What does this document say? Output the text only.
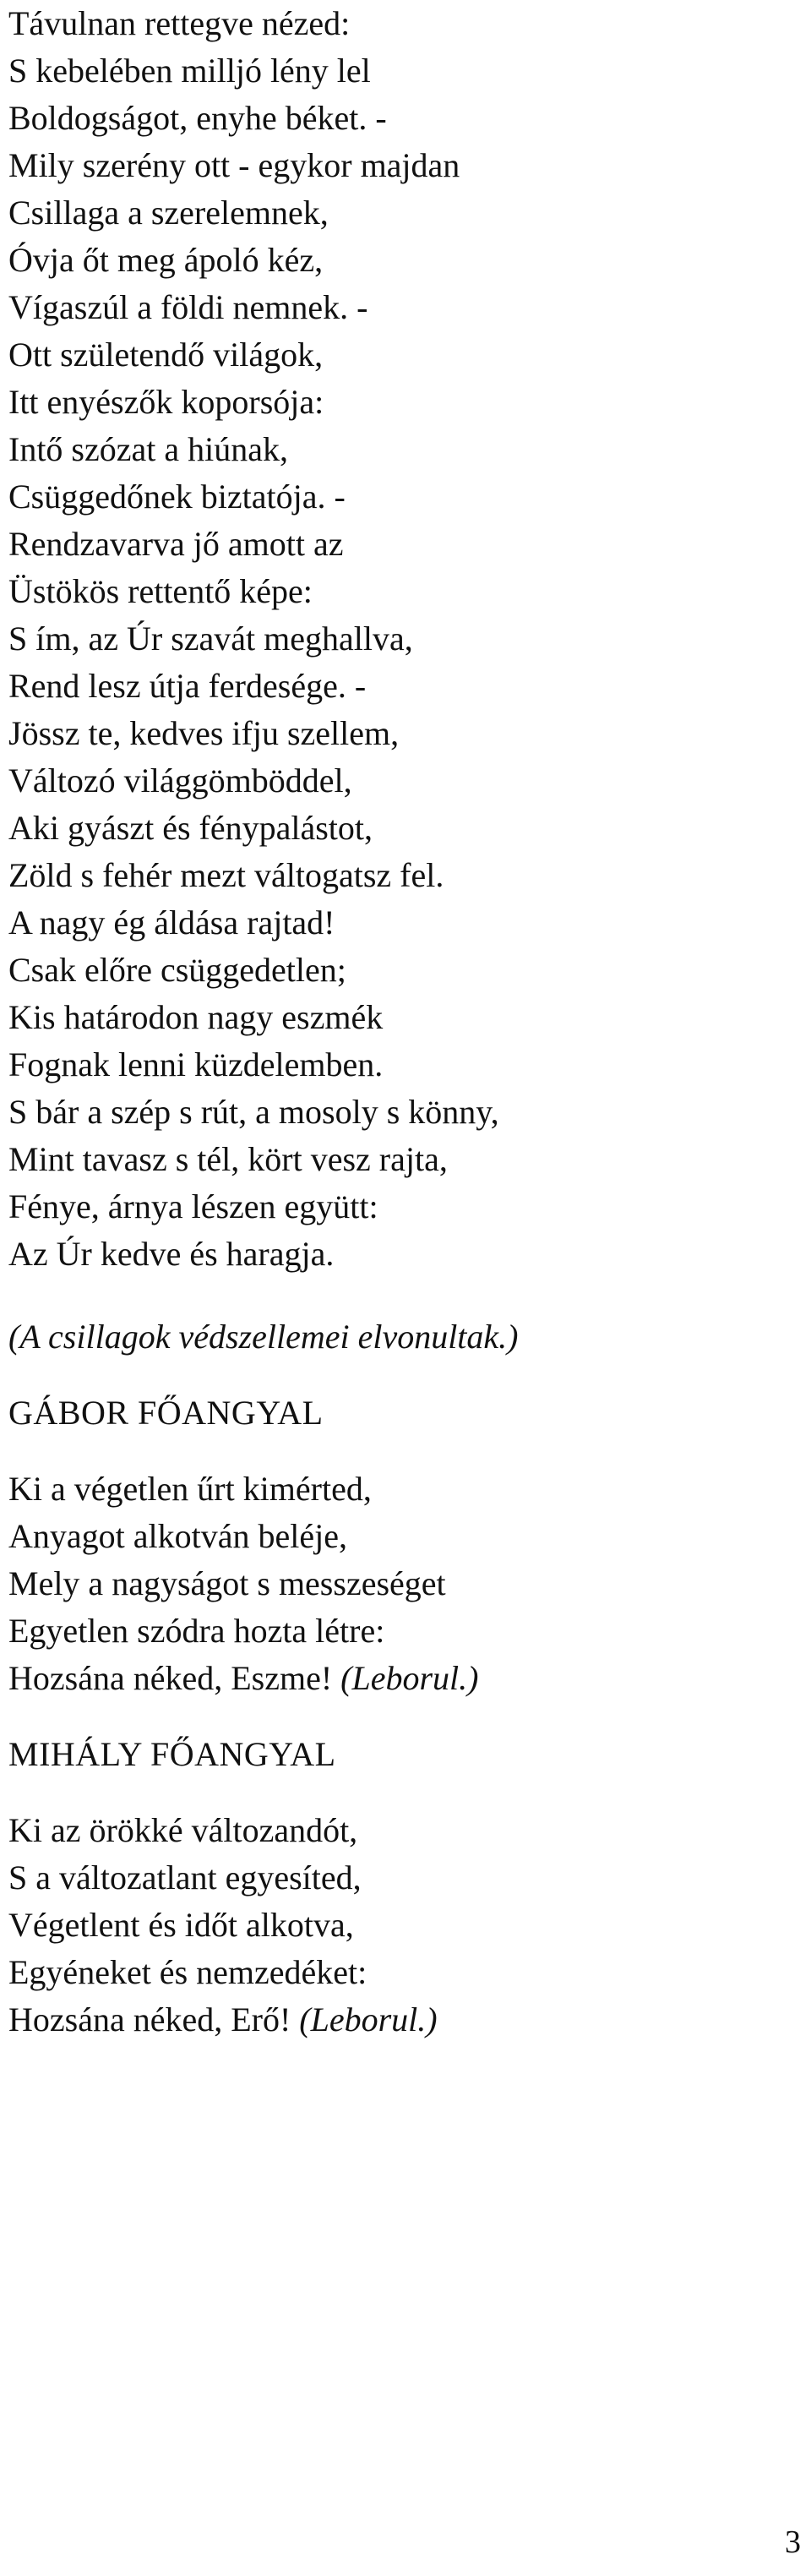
Távulnan rettegve nézed:
S kebelében milljó lény lel
Boldogságot, enyhe béket. -
Mily szerény ott - egykor majdan
Csillaga a szerelemnek,
Óvja őt meg ápoló kéz,
Vígaszúl a földi nemnek. -
Ott születendő világok,
Itt enyészők koporsója:
Intő szózat a hiúnak,
Csüggedőnek biztatója. -
Rendzavarva jő amott az
Üstökös rettentő képe:
S ím, az Úr szavát meghallva,
Rend lesz útja ferdesége. -
Jössz te, kedves ifju szellem,
Változó világgömböddel,
Aki gyászt és fénypalástot,
Zöld s fehér mezt váltogatsz fel.
A nagy ég áldása rajtad!
Csak előre csüggedetlen;
Kis határodon nagy eszmék
Fognak lenni küzdelemben.
S bár a szép s rút, a mosoly s könny,
Mint tavasz s tél, kört vesz rajta,
Fénye, árnya lészen együtt:
Az Úr kedve és haragja.
(A csillagok védszellemei elvonultak.)
GÁBOR FŐANGYAL
Ki a végetlen űrt kimérted,
Anyagot alkotván beléje,
Mely a nagyságot s messzeséget
Egyetlen szódra hozta létre:
Hozsána néked, Eszme! (Leborul.)
MIHÁLY FŐANGYAL
Ki az örökké változandót,
S a változatlant egyesíted,
Végetlent és időt alkotva,
Egyéneket és nemzedéket:
Hozsána néked, Erő! (Leborul.)
3
